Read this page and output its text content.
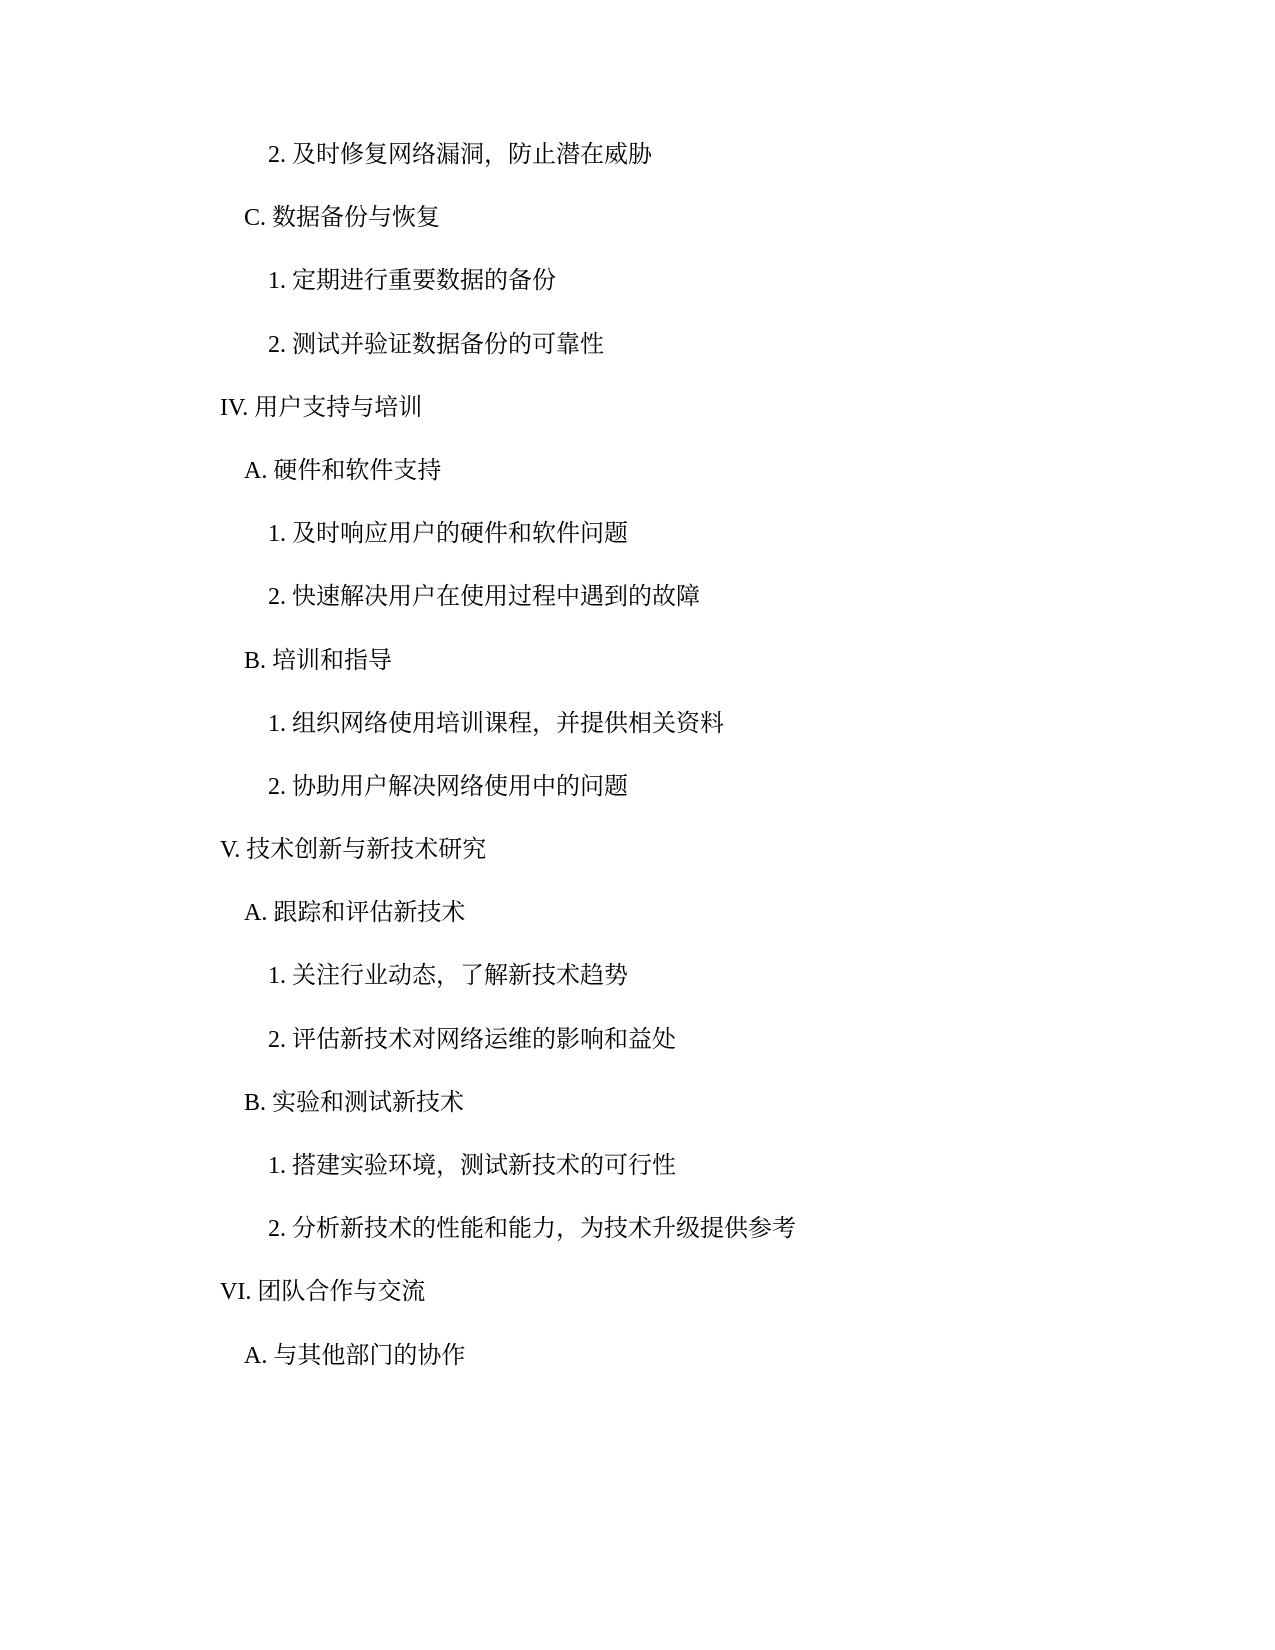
2. 及时修复网络漏洞，防止潜在威胁
C. 数据备份与恢复
1. 定期进行重要数据的备份
2. 测试并验证数据备份的可靠性
IV. 用户支持与培训
A. 硬件和软件支持
1. 及时响应用户的硬件和软件问题
2. 快速解决用户在使用过程中遇到的故障
B. 培训和指导
1. 组织网络使用培训课程，并提供相关资料
2. 协助用户解决网络使用中的问题
V. 技术创新与新技术研究
A. 跟踪和评估新技术
1. 关注行业动态，了解新技术趋势
2. 评估新技术对网络运维的影响和益处
B. 实验和测试新技术
1. 搭建实验环境，测试新技术的可行性
2. 分析新技术的性能和能力，为技术升级提供参考
VI. 团队合作与交流
A. 与其他部门的协作
